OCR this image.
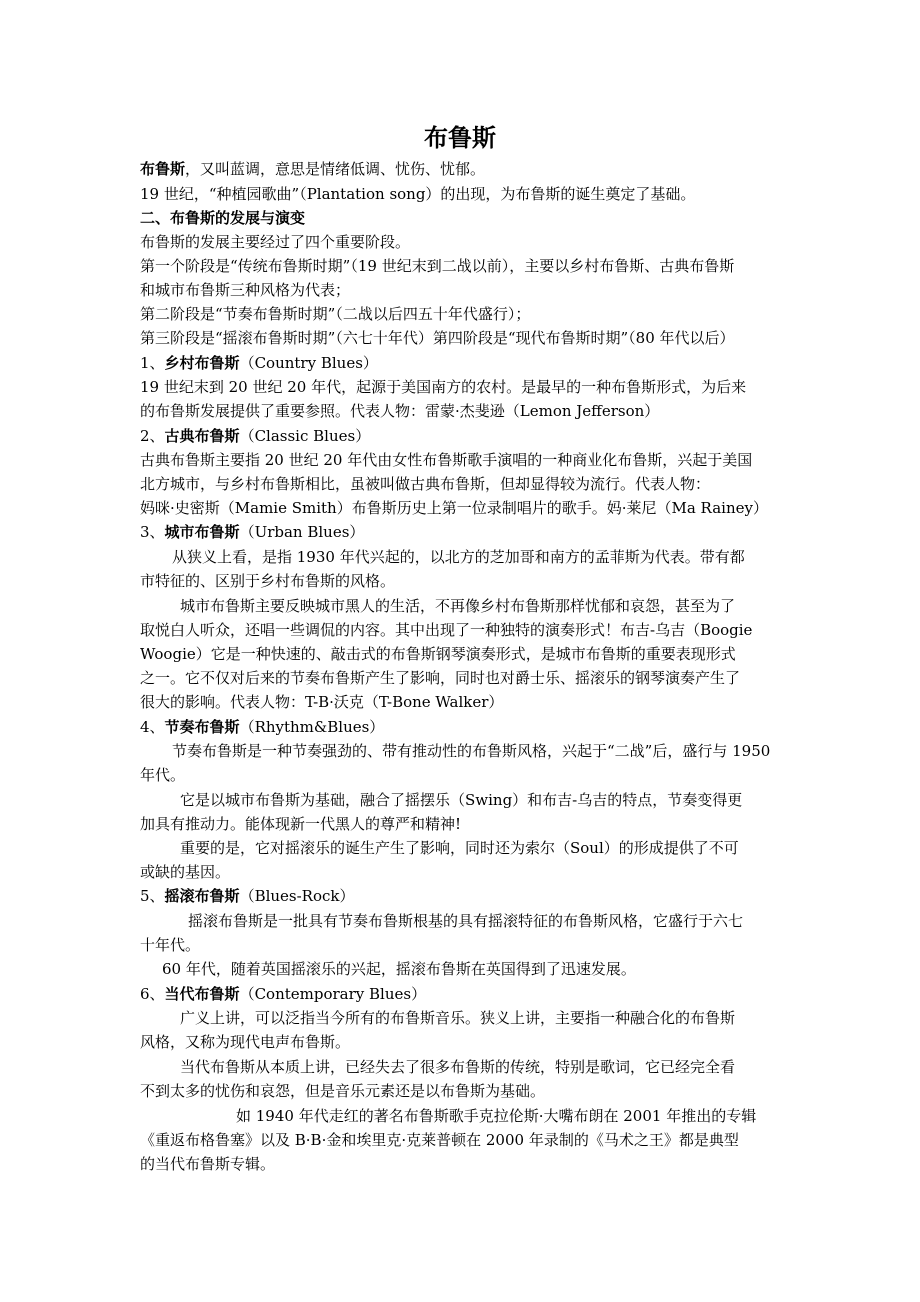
布鲁斯
布鲁斯，又叫蓝调，意思是情绪低调、忧伤、忧郁。
19 世纪，“种植园歌曲”（Plantation song）的出现，为布鲁斯的诞生奠定了基础。
二、布鲁斯的发展与演变
布鲁斯的发展主要经过了四个重要阶段。
第一个阶段是“传统布鲁斯时期”（19 世纪末到二战以前），主要以乡村布鲁斯、古典布鲁斯
和城市布鲁斯三种风格为代表；
第二阶段是“节奏布鲁斯时期”（二战以后四五十年代盛行）；
第三阶段是“摇滚布鲁斯时期”（六七十年代）第四阶段是“现代布鲁斯时期”（80 年代以后）
1、乡村布鲁斯（Country Blues）
19 世纪末到 20 世纪 20 年代，起源于美国南方的农村。是最早的一种布鲁斯形式，为后来
的布鲁斯发展提供了重要参照。代表人物：雷蒙·杰斐逊（Lemon Jefferson）
2、古典布鲁斯（Classic Blues）
古典布鲁斯主要指 20 世纪 20 年代由女性布鲁斯歌手演唱的一种商业化布鲁斯，兴起于美国
北方城市，与乡村布鲁斯相比，虽被叫做古典布鲁斯，但却显得较为流行。代表人物：
妈咪·史密斯（Mamie Smith）布鲁斯历史上第一位录制唱片的歌手。妈·莱尼（Ma Rainey）
3、城市布鲁斯（Urban Blues）
从狭义上看，是指 1930 年代兴起的，以北方的芝加哥和南方的孟菲斯为代表。带有都
市特征的、区别于乡村布鲁斯的风格。
城市布鲁斯主要反映城市黑人的生活，不再像乡村布鲁斯那样忧郁和哀怨，甚至为了
取悦白人听众，还唱一些调侃的内容。其中出现了一种独特的演奏形式！布吉-乌吉（Boogie
Woogie）它是一种快速的、敲击式的布鲁斯钢琴演奏形式，是城市布鲁斯的重要表现形式
之一。它不仅对后来的节奏布鲁斯产生了影响，同时也对爵士乐、摇滚乐的钢琴演奏产生了
很大的影响。代表人物：T-B·沃克（T-Bone Walker）
4、节奏布鲁斯（Rhythm&Blues）
节奏布鲁斯是一种节奏强劲的、带有推动性的布鲁斯风格，兴起于“二战”后，盛行与 1950
年代。
它是以城市布鲁斯为基础，融合了摇摆乐（Swing）和布吉-乌吉的特点，节奏变得更
加具有推动力。能体现新一代黑人的尊严和精神!
重要的是，它对摇滚乐的诞生产生了影响，同时还为索尔（Soul）的形成提供了不可
或缺的基因。
5、摇滚布鲁斯（Blues-Rock）
摇滚布鲁斯是一批具有节奏布鲁斯根基的具有摇滚特征的布鲁斯风格，它盛行于六七
十年代。
60 年代，随着英国摇滚乐的兴起，摇滚布鲁斯在英国得到了迅速发展。
6、当代布鲁斯（Contemporary Blues）
广义上讲，可以泛指当今所有的布鲁斯音乐。狭义上讲，主要指一种融合化的布鲁斯
风格，又称为现代电声布鲁斯。
当代布鲁斯从本质上讲，已经失去了很多布鲁斯的传统，特别是歌词，它已经完全看
不到太多的忧伤和哀怨，但是音乐元素还是以布鲁斯为基础。
如 1940 年代走红的著名布鲁斯歌手克拉伦斯·大嘴布朗在 2001 年推出的专辑
《重返布格鲁塞》以及 B·B·金和埃里克·克莱普顿在 2000 年录制的《马术之王》都是典型
的当代布鲁斯专辑。
